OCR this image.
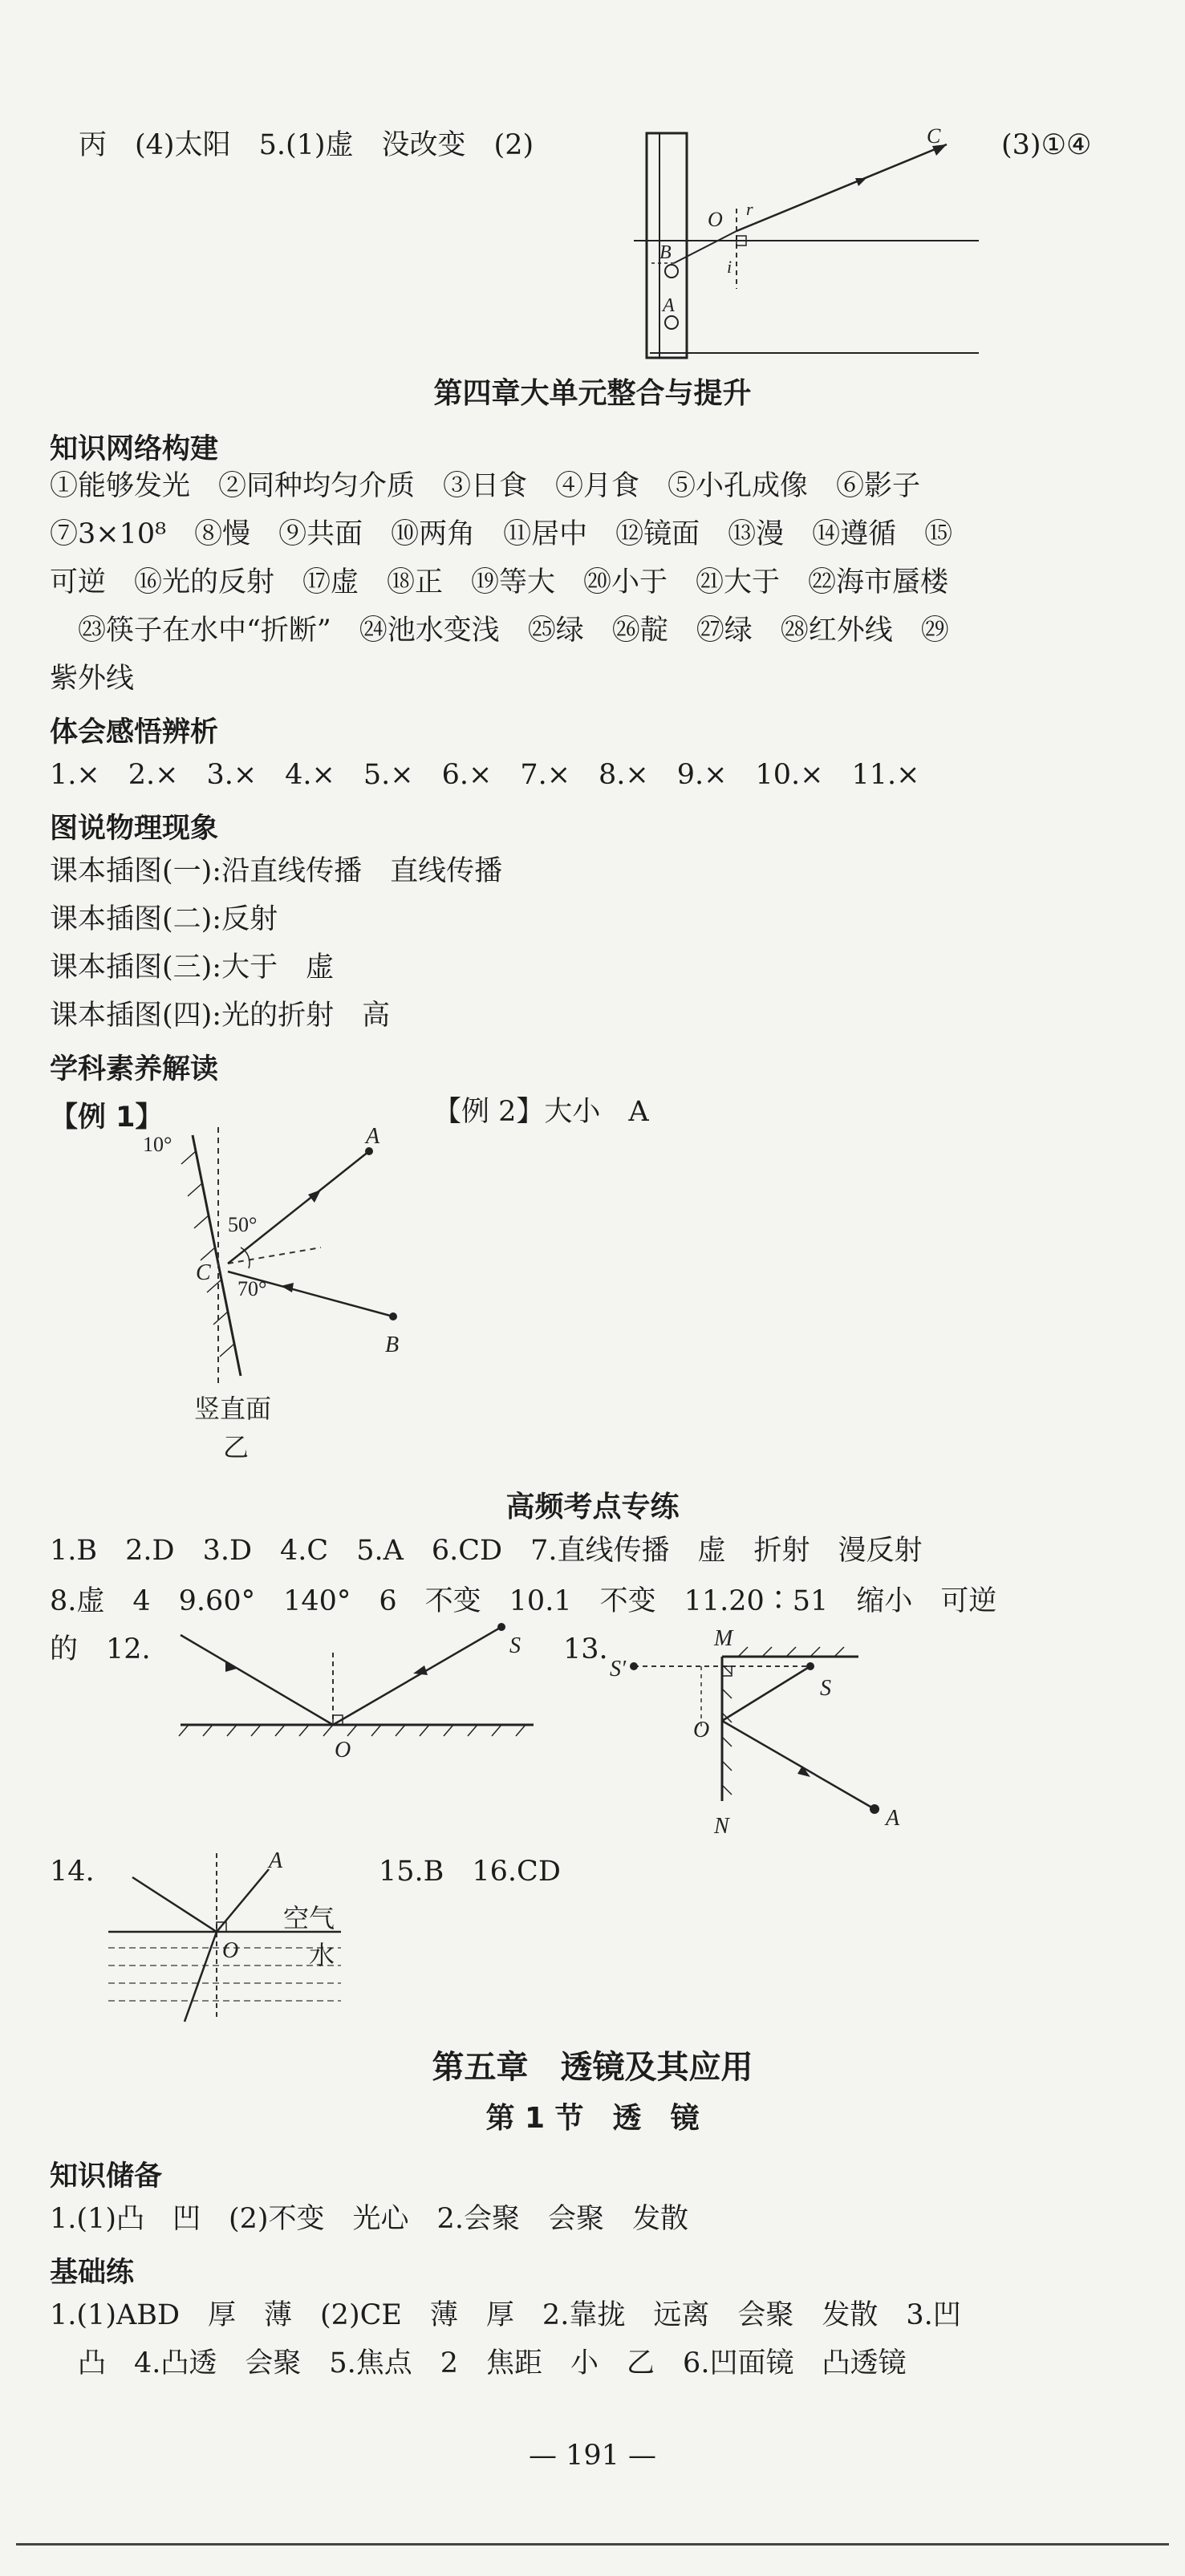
丙　(4)太阳　5.(1)虚　没改变　(2)	(3)①④
C
O r
i
B
A
第四章大单元整合与提升
知识网络构建
①能够发光　②同种均匀介质　③日食　④月食　⑤小孔成像　⑥影子
⑦3×10⁸　⑧慢　⑨共面　⑩两角　⑪居中　⑫镜面　⑬漫　⑭遵循　⑮
可逆　⑯光的反射　⑰虚　⑱正　⑲等大　⑳小于　㉑大于　㉒海市蜃楼
　㉓筷子在水中“折断”　㉔池水变浅　㉕绿　㉖靛　㉗绿　㉘红外线　㉙
紫外线
体会感悟辨析
1.×　2.×　3.×　4.×　5.×　6.×　7.×　8.×　9.×　10.×　11.×
图说物理现象
课本插图(一):沿直线传播　直线传播
课本插图(二):反射
课本插图(三):大于　虚
课本插图(四):光的折射　高
学科素养解读
【例 1】	【例 2】大小　A
10°
50°
70°
A
B
C
竖直面
乙
高频考点专练
1.B　2.D　3.D　4.C　5.A　6.CD　7.直线传播　虚　折射　漫反射
8.虚　4　9.60°　140°　6　不变　10.1　不变　11.20∶51　缩小　可逆
的　12.	S
O
13.	M
S′
S
O
N	A
14.	15.B　16.CD
A
O
空气
水
第五章　透镜及其应用
第 1 节　透　镜
知识储备
1.(1)凸　凹　(2)不变　光心　2.会聚　会聚　发散
基础练
1.(1)ABD　厚　薄　(2)CE　薄　厚　2.靠拢　远离　会聚　发散　3.凹
　凸　4.凸透　会聚　5.焦点　2　焦距　小　乙　6.凹面镜　凸透镜
— 191 —
